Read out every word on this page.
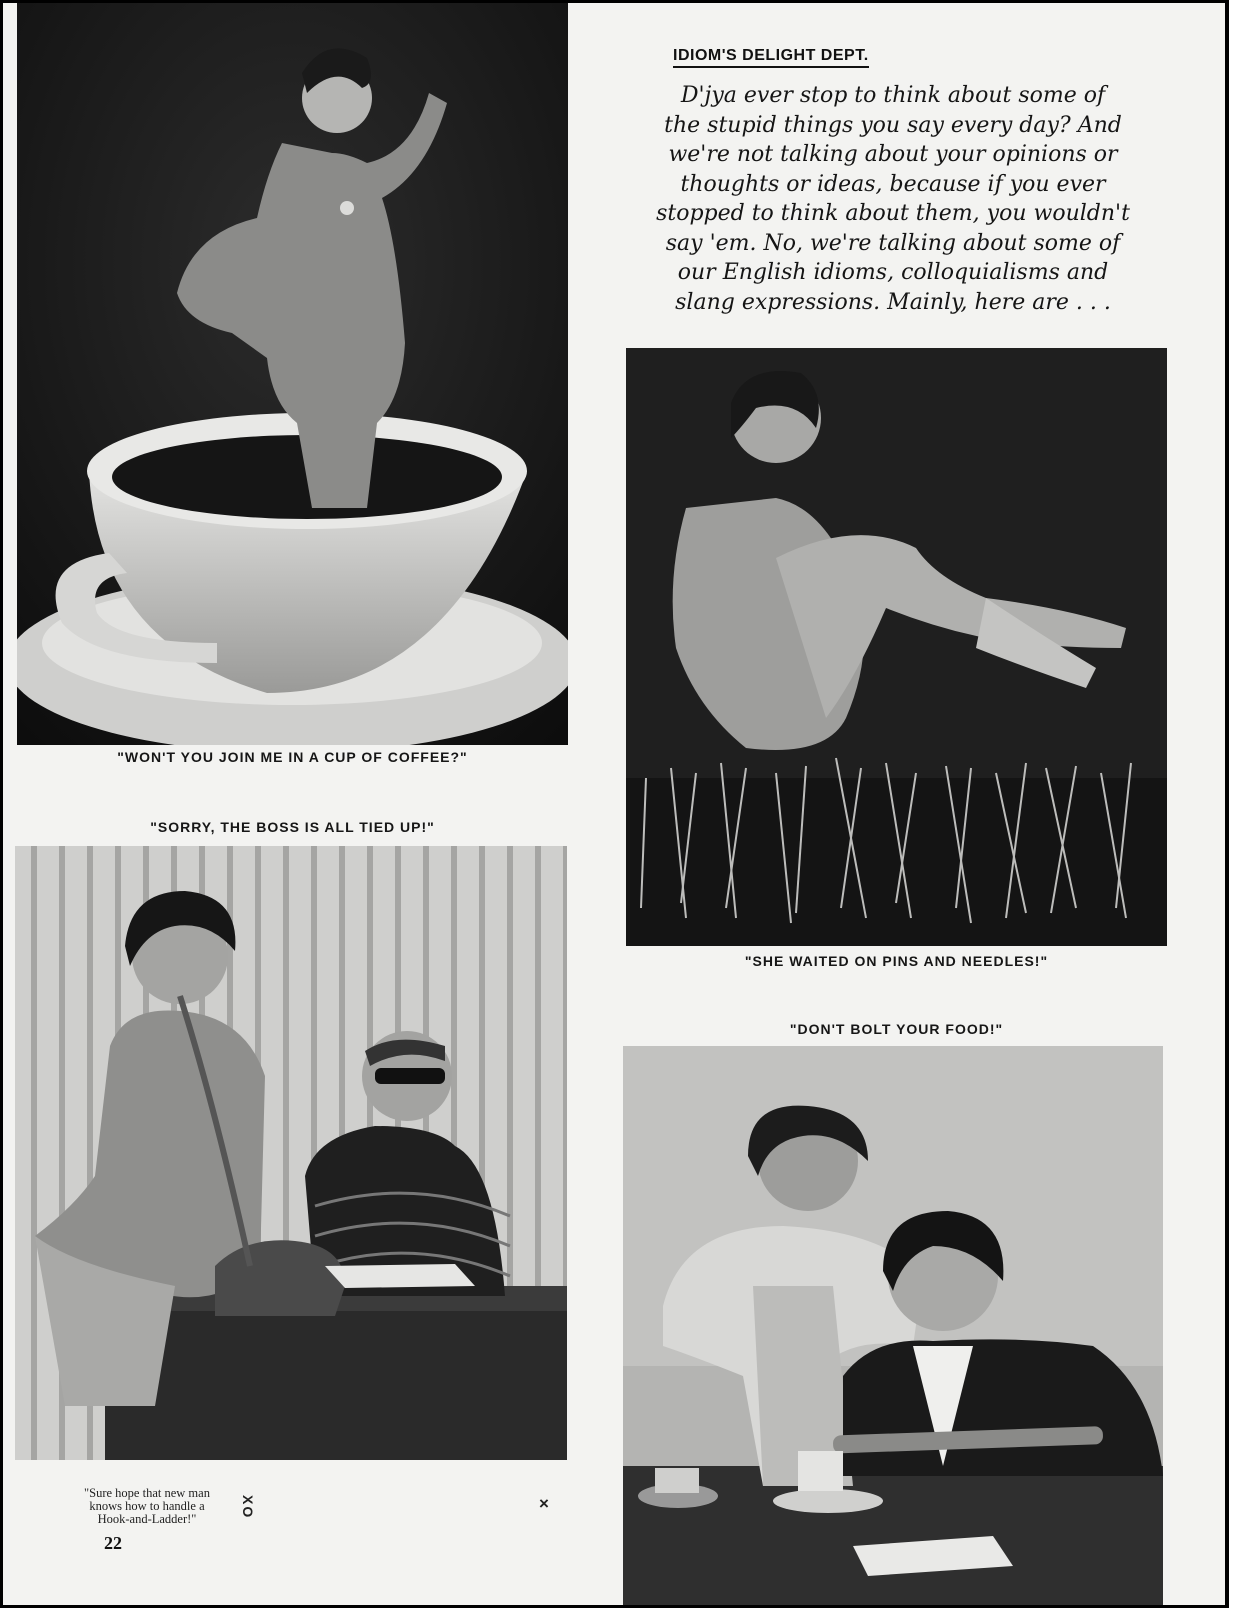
"WON'T YOU JOIN ME IN A CUP OF COFFEE?"
IDIOM'S DELIGHT DEPT.
D'jya ever stop to think about some of
the stupid things you say every day? And
we're not talking about your opinions or
thoughts or ideas, because if you ever
stopped to think about them, you wouldn't
say 'em. No, we're talking about some of
our English idioms, colloquialisms and
slang expressions. Mainly, here are . . .
"SHE WAITED ON PINS AND NEEDLES!"
"SORRY, THE BOSS IS ALL TIED UP!"
"DON'T BOLT YOUR FOOD!"
"Sure hope that new man
knows how to handle a
Hook-and-Ladder!"
22
XO	×
